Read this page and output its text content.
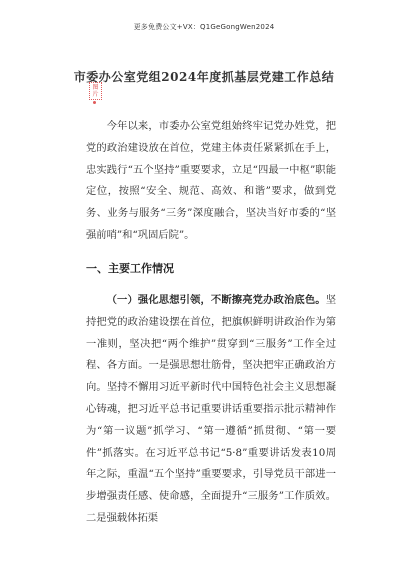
更多免费公文+VX：Q1GeGongWen2024
市委办公室党组2024年度抓基层党建工作总结
图片
今年以来，市委办公室党组始终牢记党办姓党，把党的政治建设放在首位，党建主体责任紧紧抓在手上，忠实践行“五个坚持”重要要求，立足“四最一中枢”职能定位，按照“安全、规范、高效、和谐”要求，做到党务、业务与服务“三务”深度融合，坚决当好市委的“坚强前哨”和“巩固后院”。
一、主要工作情况
（一）强化思想引领，不断擦亮党办政治底色。坚持把党的政治建设摆在首位，把旗帜鲜明讲政治作为第一准则，坚决把“两个维护”贯穿到“三服务”工作全过程、各方面。一是强思想壮筋骨，坚决把牢正确政治方向。坚持不懈用习近平新时代中国特色社会主义思想凝心铸魂，把习近平总书记重要讲话重要指示批示精神作为“第一议题”抓学习、“第一遵循”抓贯彻、“第一要件”抓落实。在习近平总书记“5·8”重要讲话发表10周年之际，重温“五个坚持”重要要求，引导党员干部进一步增强责任感、使命感，全面提升“三服务”工作质效。二是强载体拓渠
